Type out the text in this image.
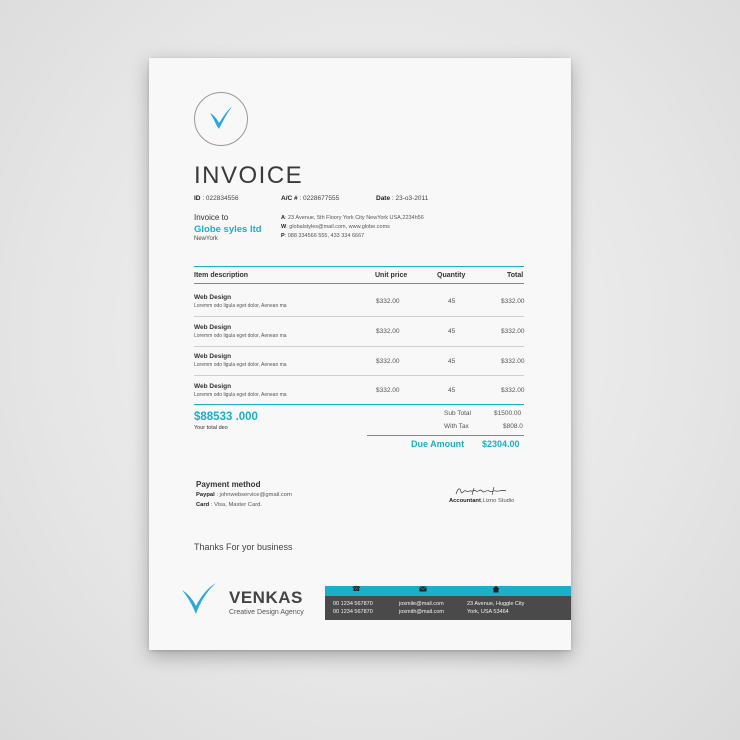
INVOICE
ID : 022834556	A/C # : 0228677555	Date : 23-o3-2011
Invoice to
Globe syles ltd
NewYork
A: 23 Avenue, 5th Floory York City NewYork USA,2234h56
W: globalstyles@mail.com, www.globe.coms
P: 088 334566 555, 433 334 6667
Item description	Unit price	Quantity	Total
Web Design
Loremm odo ligula eget dolor, Aenean ma
$332.00	45	$332.00
Web Design
Loremm odo ligula eget dolor, Aenean ma
$332.00	45	$332.00
Web Design
Loremm odo ligula eget dolor, Aenean ma	$332.00	45	$332.00
Web Design
Loremm odo ligula eget dolor, Aenean ma
$332.00	45	$332.00
$88533 .000
Your total deo
Sub Total	$1500.00
With Tax	$808.0
Due Amount $2304.00
Payment method
Paypal : johnwebservice@gmail.com
Card : Visa, Master Card.
Accountant,Lizno Studio
Thanks For yor business
VENKAS
Creative Design Agency
☎
00 1234 567870
00 1234 567870
josmile@mail.com
josmith@mail.com
23 Avenue, Huggle City
York, USA 53464
